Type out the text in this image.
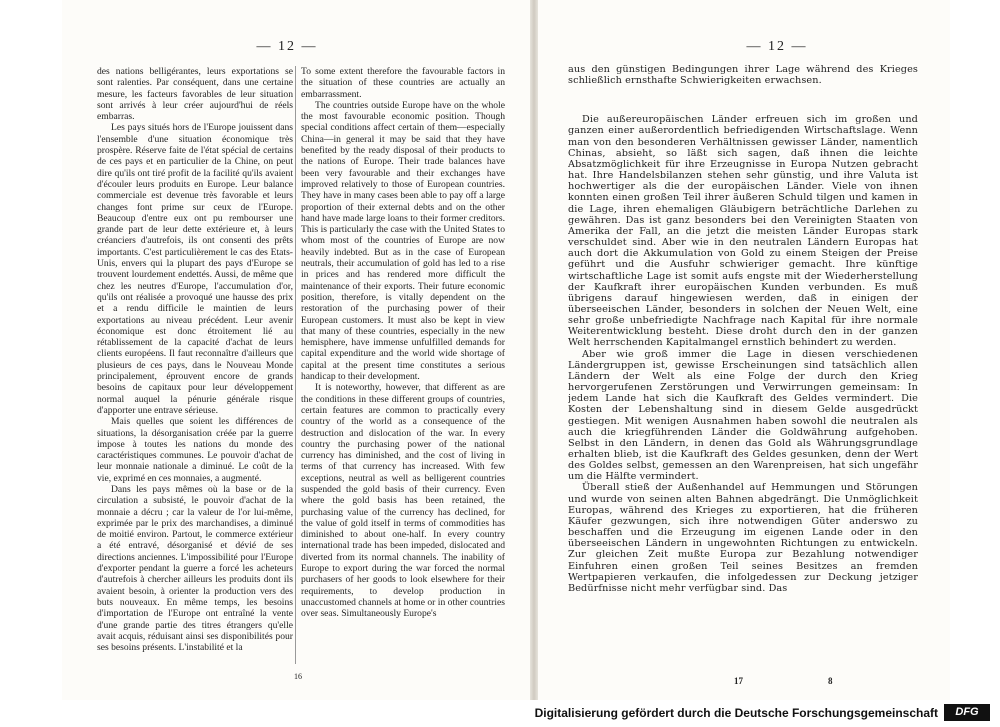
— 12 —

des nations belligérantes, leurs exportations se sont ralenties. Par conséquent, dans une certaine mesure, les facteurs favorables de leur situation sont arrivés à leur créer aujourd'hui de réels embarras.

Les pays situés hors de l'Europe jouissent dans l'ensemble d'une situation économique très prospère. Réserve faite de l'état spécial de certains de ces pays et en particulier de la Chine, on peut dire qu'ils ont tiré profit de la facilité qu'ils avaient d'écouler leurs produits en Europe. Leur balance commerciale est devenue très favorable et leurs changes font prime sur ceux de l'Europe. Beaucoup d'entre eux ont pu rembourser une grande part de leur dette extérieure et, à leurs créanciers d'autrefois, ils ont consenti des prêts importants. C'est particulièrement le cas des Etats-Unis, envers qui la plupart des pays d'Europe se trouvent lourdement endettés. Aussi, de même que chez les neutres d'Europe, l'accumulation d'or, qu'ils ont réalisée a provoqué une hausse des prix et a rendu difficile le maintien de leurs exportations au niveau précédent. Leur avenir économique est donc étroitement lié au rétablissement de la capacité d'achat de leurs clients européens. Il faut reconnaître d'ailleurs que plusieurs de ces pays, dans le Nouveau Monde principalement, éprouvent encore de grands besoins de capitaux pour leur développement normal auquel la pénurie générale risque d'apporter une entrave sérieuse.

Mais quelles que soient les différences de situations, la désorganisation créée par la guerre impose à toutes les nations du monde des caractéristiques communes. Le pouvoir d'achat de leur monnaie nationale a diminué. Le coût de la vie, exprimé en ces monnaies, a augmenté.

Dans les pays mêmes où la base or de la circulation a subsisté, le pouvoir d'achat de la monnaie a décru ; car la valeur de l'or lui-même, exprimée par le prix des marchandises, a diminué de moitié environ. Partout, le commerce extérieur a été entravé, désorganisé et dévié de ses directions anciennes. L'impossibilité pour l'Europe d'exporter pendant la guerre a forcé les acheteurs d'autrefois à chercher ailleurs les produits dont ils avaient besoin, à orienter la production vers des buts nouveaux. En même temps, les besoins d'importation de l'Europe ont entraîné la vente d'une grande partie des titres étrangers qu'elle avait acquis, réduisant ainsi ses disponibilités pour ses besoins présents. L'instabilité et la

To some extent therefore the favourable factors in the situation of these countries are actually an embarrassment.

The countries outside Europe have on the whole the most favourable economic position. Though special conditions affect certain of them—especially China—in general it may be said that they have benefited by the ready disposal of their products to the nations of Europe. Their trade balances have been very favourable and their exchanges have improved relatively to those of European countries. They have in many cases been able to pay off a large proportion of their external debts and on the other hand have made large loans to their former creditors. This is particularly the case with the United States to whom most of the countries of Europe are now heavily indebted. But as in the case of European neutrals, their accumulation of gold has led to a rise in prices and has rendered more difficult the maintenance of their exports. Their future economic position, therefore, is vitally dependent on the restoration of the purchasing power of their European customers. It must also be kept in view that many of these countries, especially in the new hemisphere, have immense unfulfilled demands for capital expenditure and the world wide shortage of capital at the present time constitutes a serious handicap to their development.

It is noteworthy, however, that different as are the conditions in these different groups of countries, certain features are common to practically every country of the world as a consequence of the destruction and dislocation of the war. In every country the purchasing power of the national currency has diminished, and the cost of living in terms of that currency has increased. With few exceptions, neutral as well as belligerent countries suspended the gold basis of their currency. Even where the gold basis has been retained, the purchasing value of the currency has declined, for the value of gold itself in terms of commodities has diminished to about one-half. In every country international trade has been impeded, dislocated and diverted from its normal channels. The inability of Europe to export during the war forced the normal purchasers of her goods to look elsewhere for their requirements, to develop production in unaccustomed channels at home or in other countries over seas. Simultaneously Europe's

16
— 12 —

aus den günstigen Bedingungen ihrer Lage während des Krieges schließlich ernsthafte Schwierigkeiten erwachsen.

Die außereuropäischen Länder erfreuen sich im großen und ganzen einer außerordentlich befriedigenden Wirtschaftslage. Wenn man von den besonderen Verhältnissen gewisser Länder, namentlich Chinas, absieht, so läßt sich sagen, daß ihnen die leichte Absatzmöglichkeit für ihre Erzeugnisse in Europa Nutzen gebracht hat. Ihre Handelsbilanzen stehen sehr günstig, und ihre Valuta ist hochwertiger als die der europäischen Länder. Viele von ihnen konnten einen großen Teil ihrer äußeren Schuld tilgen und kamen in die Lage, ihren ehemaligen Gläubigern beträchtliche Darlehen zu gewähren. Das ist ganz besonders bei den Vereinigten Staaten von Amerika der Fall, an die jetzt die meisten Länder Europas stark verschuldet sind. Aber wie in den neutralen Ländern Europas hat auch dort die Akkumulation von Gold zu einem Steigen der Preise geführt und die Ausfuhr schwieriger gemacht. Ihre künftige wirtschaftliche Lage ist somit aufs engste mit der Wiederherstellung der Kaufkraft ihrer europäischen Kunden verbunden. Es muß übrigens darauf hingewiesen werden, daß in einigen der überseeischen Länder, besonders in solchen der Neuen Welt, eine sehr große unbefriedigte Nachfrage nach Kapital für ihre normale Weiterentwicklung besteht. Diese droht durch den in der ganzen Welt herrschenden Kapitalmangel ernstlich behindert zu werden.

Aber wie groß immer die Lage in diesen verschiedenen Ländergruppen ist, gewisse Erscheinungen sind tatsächlich allen Ländern der Welt als eine Folge der durch den Krieg hervorgerufenen Zerstörungen und Verwirrungen gemeinsam: In jedem Lande hat sich die Kaufkraft des Geldes vermindert. Die Kosten der Lebenshaltung sind in diesem Gelde ausgedrückt gestiegen. Mit wenigen Ausnahmen haben sowohl die neutralen als auch die kriegführenden Länder die Goldwährung aufgehoben. Selbst in den Ländern, in denen das Gold als Währungsgrundlage erhalten blieb, ist die Kaufkraft des Geldes gesunken, denn der Wert des Goldes selbst, gemessen an den Warenpreisen, hat sich ungefähr um die Hälfte vermindert.

Überall stieß der Außenhandel auf Hemmungen und Störungen und wurde von seinen alten Bahnen abgedrängt. Die Unmöglichkeit Europas, während des Krieges zu exportieren, hat die früheren Käufer gezwungen, sich ihre notwendigen Güter anderswo zu beschaffen und die Erzeugung im eigenen Lande oder in den überseeischen Ländern in ungewohnten Richtungen zu entwickeln. Zur gleichen Zeit mußte Europa zur Bezahlung notwendiger Einfuhren einen großen Teil seines Besitzes an fremden Wertpapieren verkaufen, die infolgedessen zur Deckung jetziger Bedürfnisse nicht mehr verfügbar sind. Das

17	8
Digitalisierung gefördert durch die Deutsche Forschungsgemeinschaft	DFG
